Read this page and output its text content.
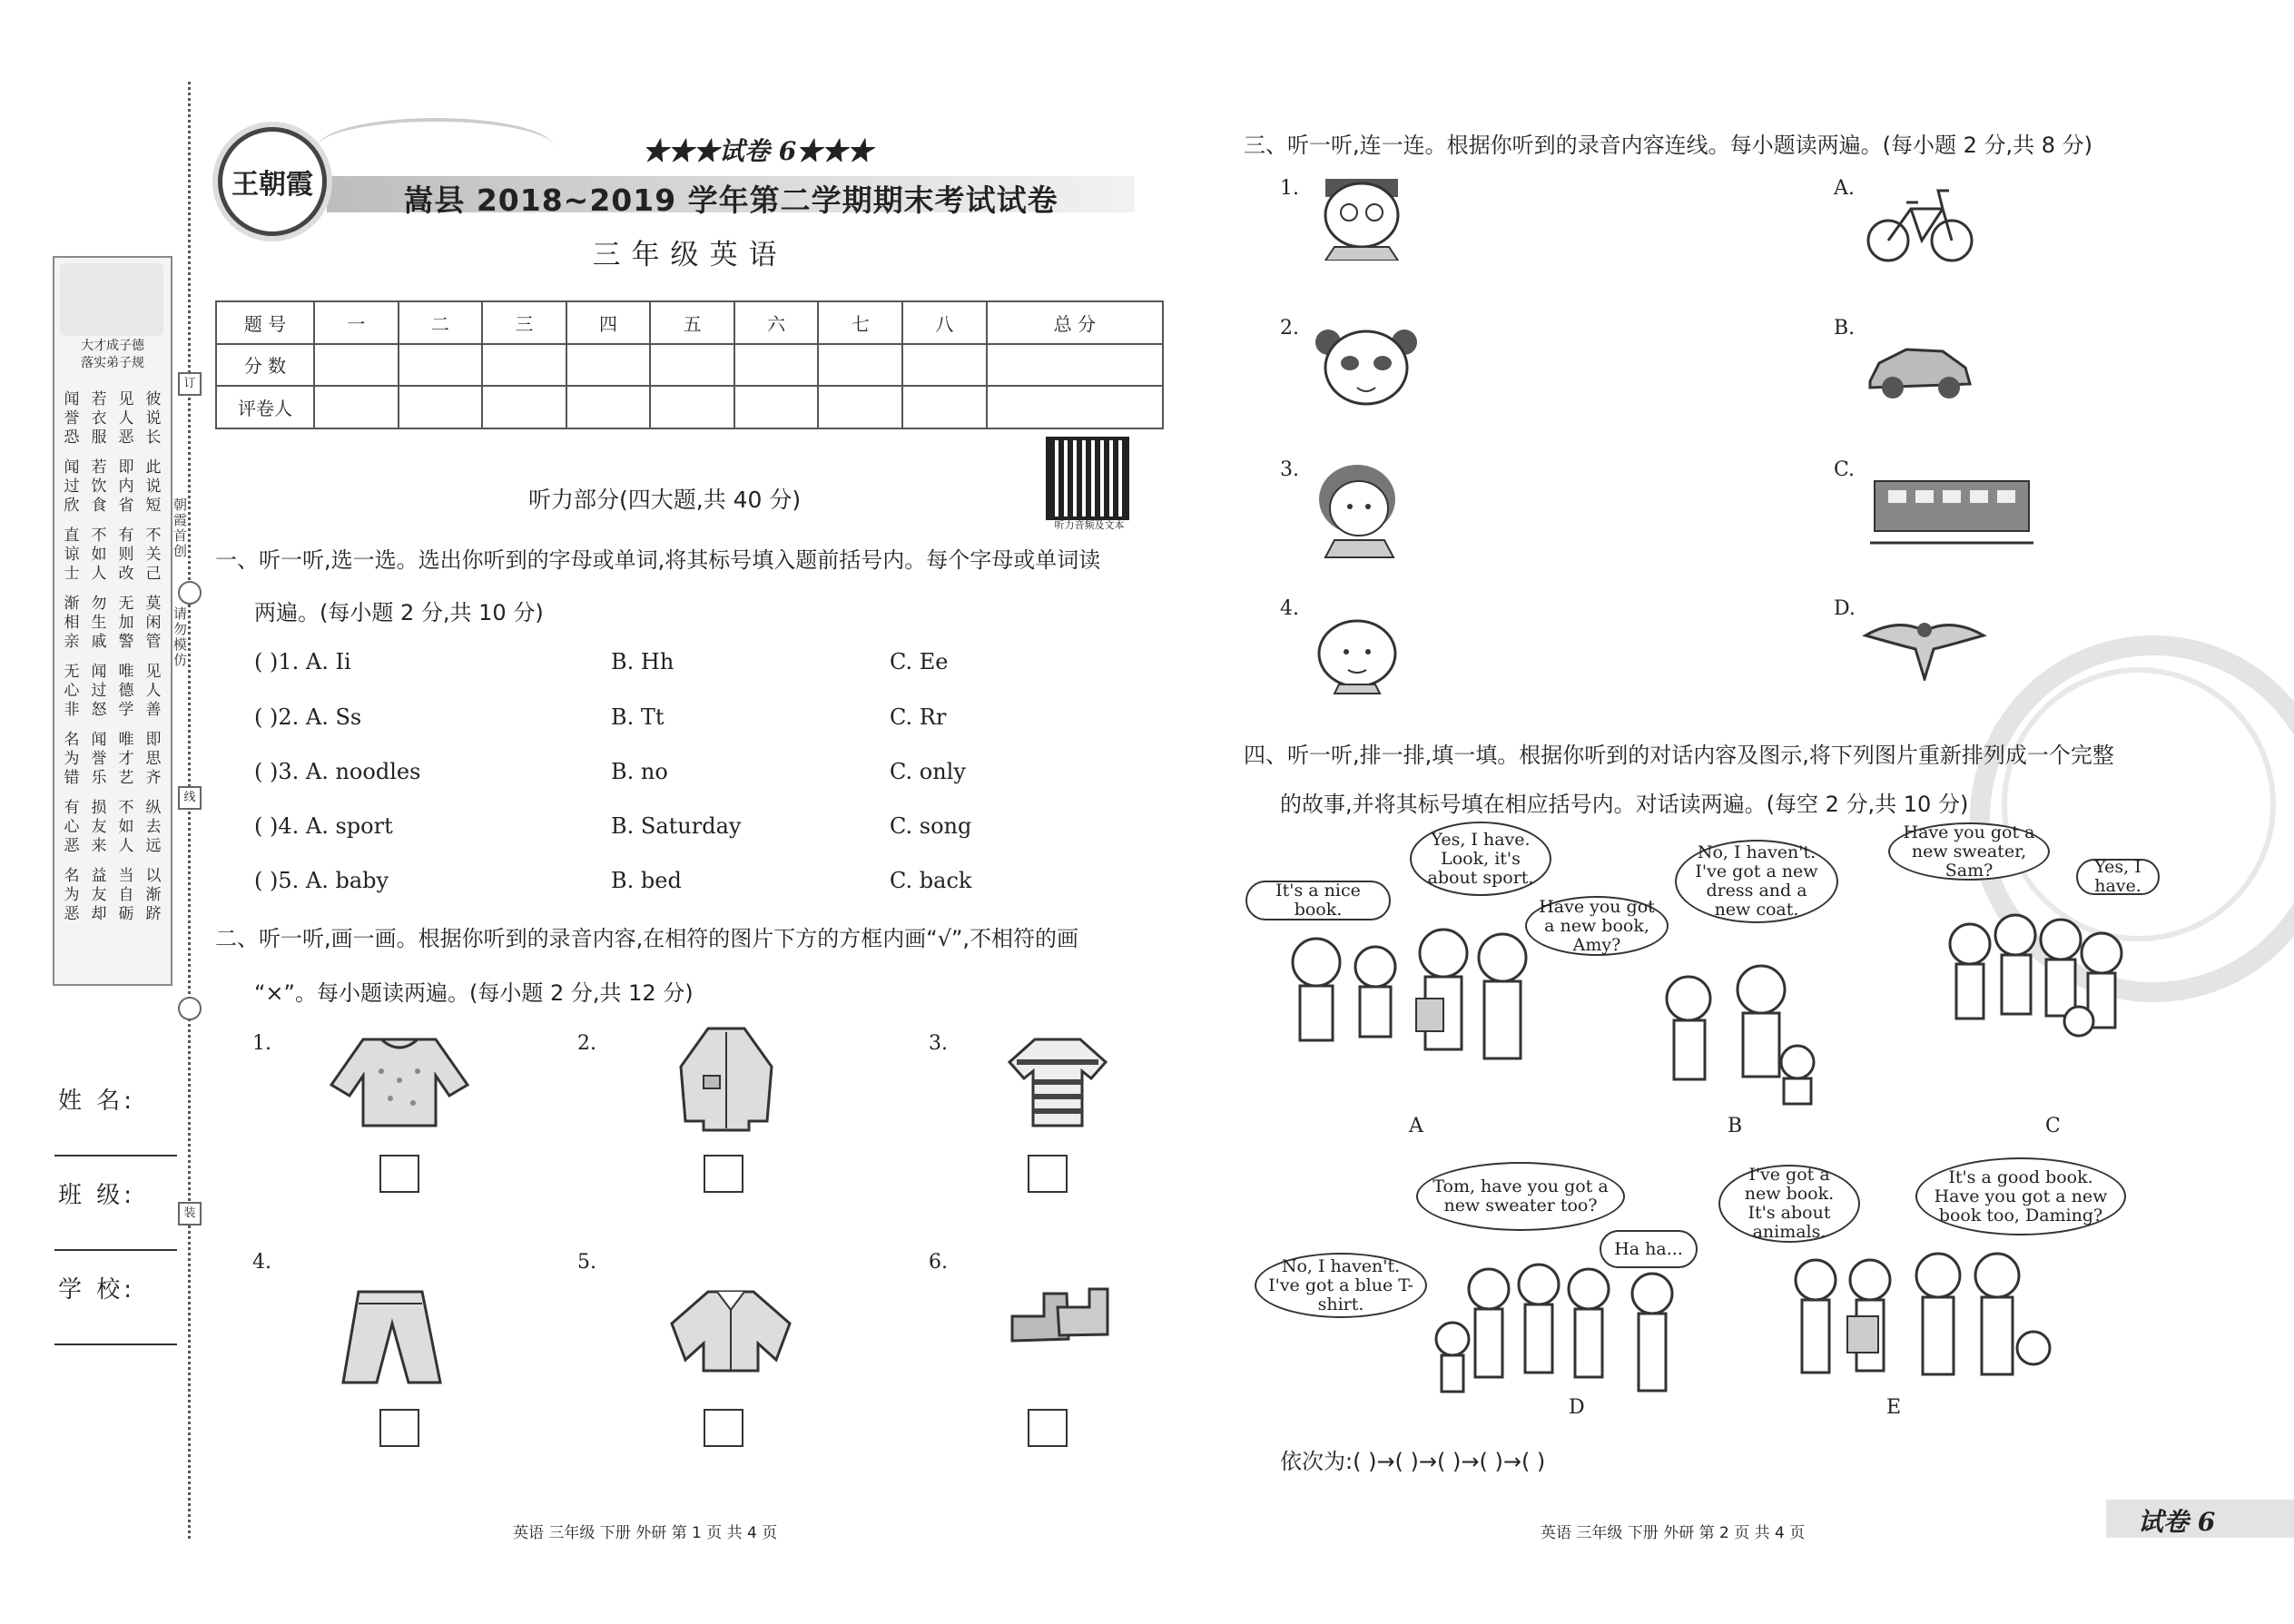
大才成子德
落实弟子规
闻誉恐
若衣服
见人恶
彼说长
闻过欣
若饮食
即内省
此说短
直谅士
不如人
有则改
不关己
渐相亲
勿生戚
无加警
莫闲管
无心非
闻过怒
唯德学
见人善
名为错
闻誉乐
唯才艺
即思齐
有心恶
损友来
不如人
纵去远
名为恶
益友却
当自砺
以渐跻
订
线
装
朝霞首创
请勿模仿
姓 名:
班 级:
学 校:
王朝霞
★★★试卷 6★★★
嵩县 2018~2019 学年第二学期期末考试试卷
三年级英语
题 号	一	二	三	四	五	六	七	八	总 分
分 数									
评卷人									
听力音频及文本
听力部分(四大题,共 40 分)
一、听一听,选一选。选出你听到的字母或单词,将其标号填入题前括号内。每个字母或单词读
两遍。(每小题 2 分,共 10 分)
( )1. A. Ii	B. Hh	C. Ee
( )2. A. Ss	B. Tt	C. Rr
( )3. A. noodles	B. no	C. only
( )4. A. sport	B. Saturday	C. song
( )5. A. baby	B. bed	C. back
二、听一听,画一画。根据你听到的录音内容,在相符的图片下方的方框内画“√”,不相符的画
“×”。每小题读两遍。(每小题 2 分,共 12 分)
1.	2.	3.
4.	5.	6.
英语 三年级 下册 外研 第 1 页 共 4 页
三、听一听,连一连。根据你听到的录音内容连线。每小题读两遍。(每小题 2 分,共 8 分)
1.
2.
3.
4.
A.
B.
C.
D.
四、听一听,排一排,填一填。根据你听到的对话内容及图示,将下列图片重新排列成一个完整
的故事,并将其标号填在相应括号内。对话读两遍。(每空 2 分,共 10 分)
It's a nice book.
Yes, I have. Look, it's about sport.
A
No, I haven't. I've got a new dress and a new coat.
Have you got a new book, Amy?
B
Have you got a new sweater, Sam?	Yes, I have.
C
Tom, have you got a new sweater too?
Ha ha...
No, I haven't. I've got a blue T-shirt.
D
I've got a new book. It's about animals.
It's a good book. Have you got a new book too, Daming?
E
依次为:( )→( )→( )→( )→( )
英语 三年级 下册 外研 第 2 页 共 4 页	试卷 6
